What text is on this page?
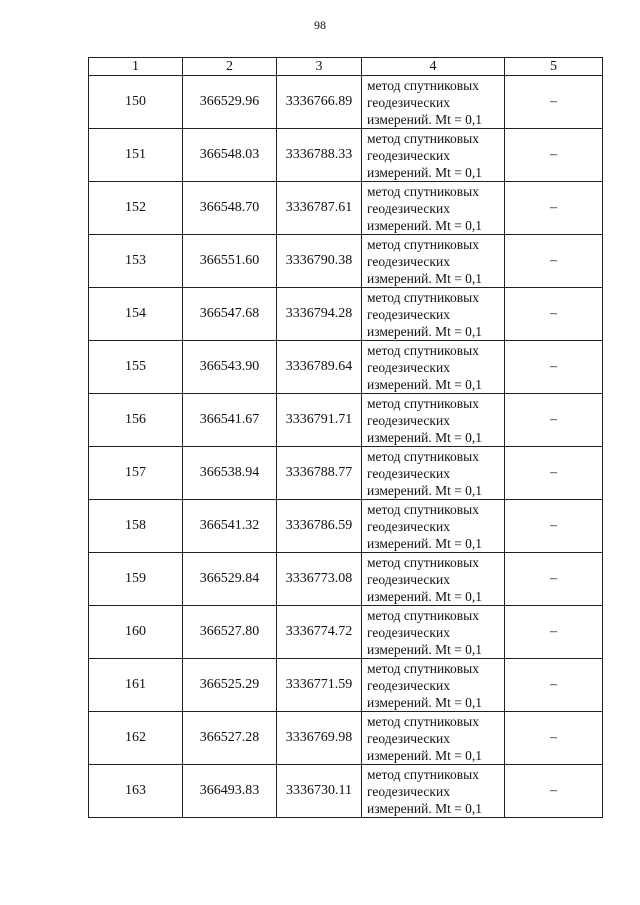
98
1	2	3	4	5
150	366529.96	3336766.89	метод спутниковых
геодезических
измерений. Mt = 0,1	–
151	366548.03	3336788.33	метод спутниковых
геодезических
измерений. Mt = 0,1	–
152	366548.70	3336787.61	метод спутниковых
геодезических
измерений. Mt = 0,1	–
153	366551.60	3336790.38	метод спутниковых
геодезических
измерений. Mt = 0,1	–
154	366547.68	3336794.28	метод спутниковых
геодезических
измерений. Mt = 0,1	–
155	366543.90	3336789.64	метод спутниковых
геодезических
измерений. Mt = 0,1	–
156	366541.67	3336791.71	метод спутниковых
геодезических
измерений. Mt = 0,1	–
157	366538.94	3336788.77	метод спутниковых
геодезических
измерений. Mt = 0,1	–
158	366541.32	3336786.59	метод спутниковых
геодезических
измерений. Mt = 0,1	–
159	366529.84	3336773.08	метод спутниковых
геодезических
измерений. Mt = 0,1	–
160	366527.80	3336774.72	метод спутниковых
геодезических
измерений. Mt = 0,1	–
161	366525.29	3336771.59	метод спутниковых
геодезических
измерений. Mt = 0,1	–
162	366527.28	3336769.98	метод спутниковых
геодезических
измерений. Mt = 0,1	–
163	366493.83	3336730.11	метод спутниковых
геодезических
измерений. Mt = 0,1	–
